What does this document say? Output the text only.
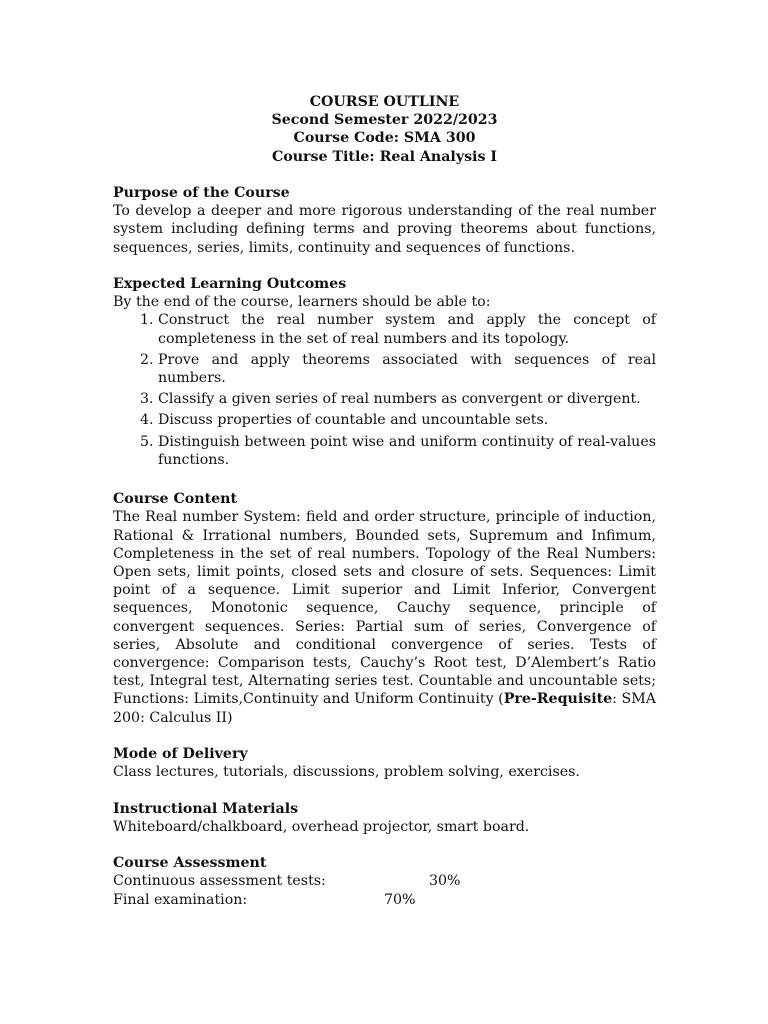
COURSE OUTLINE
Second Semester 2022/2023
Course Code: SMA 300
Course Title: Real Analysis I
Purpose of the Course
To develop a deeper and more rigorous understanding of the real number system including defining terms and proving theorems about functions, sequences, series, limits, continuity and sequences of functions.
Expected Learning Outcomes
By the end of the course, learners should be able to:
1. Construct the real number system and apply the concept of completeness in the set of real numbers and its topology.
2. Prove and apply theorems associated with sequences of real numbers.
3. Classify a given series of real numbers as convergent or divergent.
4. Discuss properties of countable and uncountable sets.
5. Distinguish between point wise and uniform continuity of real-values functions.
Course Content
The Real number System: field and order structure, principle of induction, Rational & Irrational numbers, Bounded sets, Supremum and Infimum, Completeness in the set of real numbers. Topology of the Real Numbers: Open sets, limit points, closed sets and closure of sets. Sequences: Limit point of a sequence. Limit superior and Limit Inferior, Convergent sequences, Monotonic sequence, Cauchy sequence, principle of convergent sequences. Series: Partial sum of series, Convergence of series, Absolute and conditional convergence of series. Tests of convergence: Comparison tests, Cauchy’s Root test, D’Alembert’s Ratio test, Integral test, Alternating series test. Countable and uncountable sets; Functions: Limits,Continuity and Uniform Continuity (Pre-Requisite: SMA 200: Calculus II)
Mode of Delivery
Class lectures, tutorials, discussions, problem solving, exercises.
Instructional Materials
Whiteboard/chalkboard, overhead projector, smart board.
Course Assessment
Continuous assessment tests:	30%
Final examination:	70%
